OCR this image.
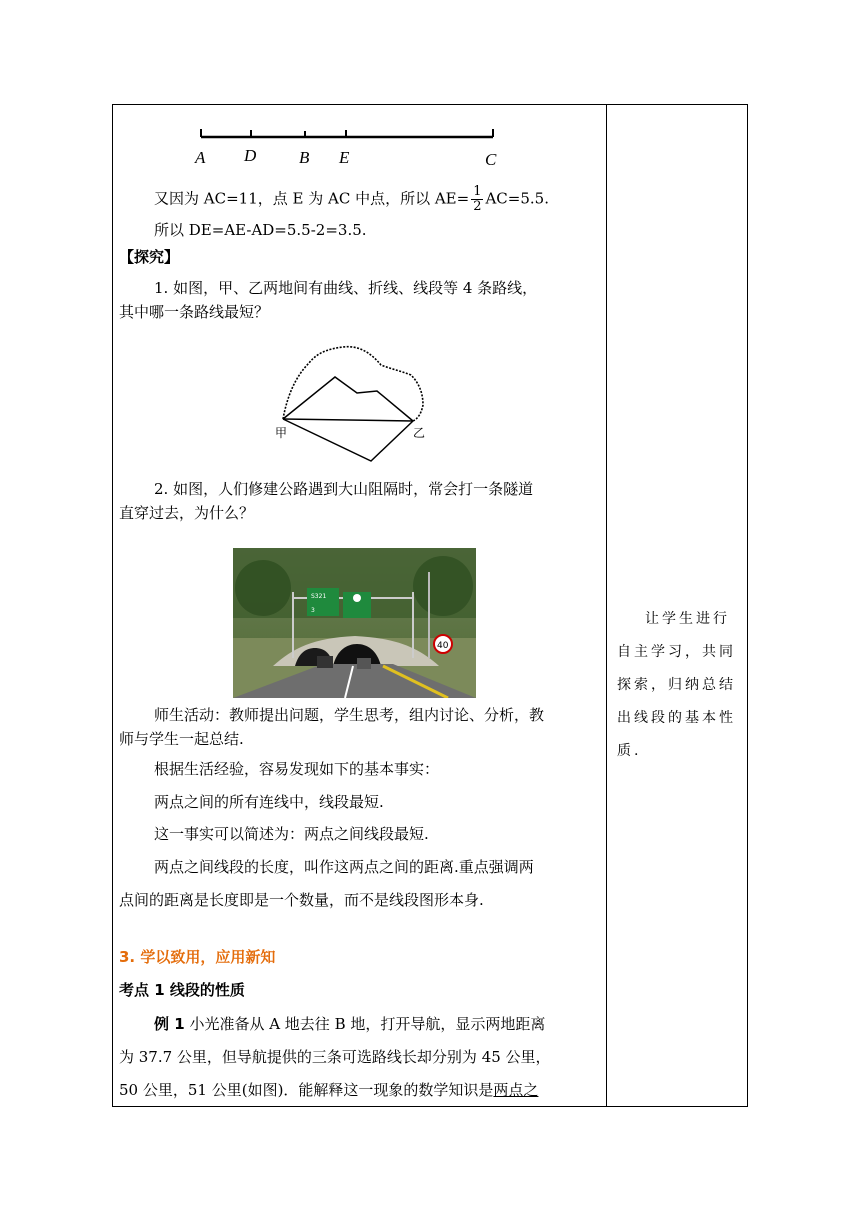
A D	B E	C
又因为 AC=11，点 E 为 AC 中点，所以 $AE= \frac{1}{2} AC=5.5$.
所以 DE=AE-AD=5.5-2=3.5.
【探究】
1. 如图，甲、乙两地间有曲线、折线、线段等 4 条路线，
其中哪一条路线最短？
甲	乙
2. 如图，人们修建公路遇到大山阻隔时，常会打一条隧道
直穿过去，为什么？
S321
3
40
师生活动：教师提出问题，学生思考，组内讨论、分析，教
师与学生一起总结.
根据生活经验，容易发现如下的基本事实：
两点之间的所有连线中，线段最短.
这一事实可以简述为：两点之间线段最短.
两点之间线段的长度，叫作这两点之间的距离.重点强调两
点间的距离是长度即是一个数量，而不是线段图形本身.
3. 学以致用，应用新知
考点 1 线段的性质
例 1 小光准备从 A 地去往 B 地，打开导航，显示两地距离
为 37.7 公里，但导航提供的三条可选路线长却分别为 45 公里，
50 公里，51 公里(如图)．能解释这一现象的数学知识是两点之
让学生进行自主学习，共同探索，归纳总结出线段的基本性质.
